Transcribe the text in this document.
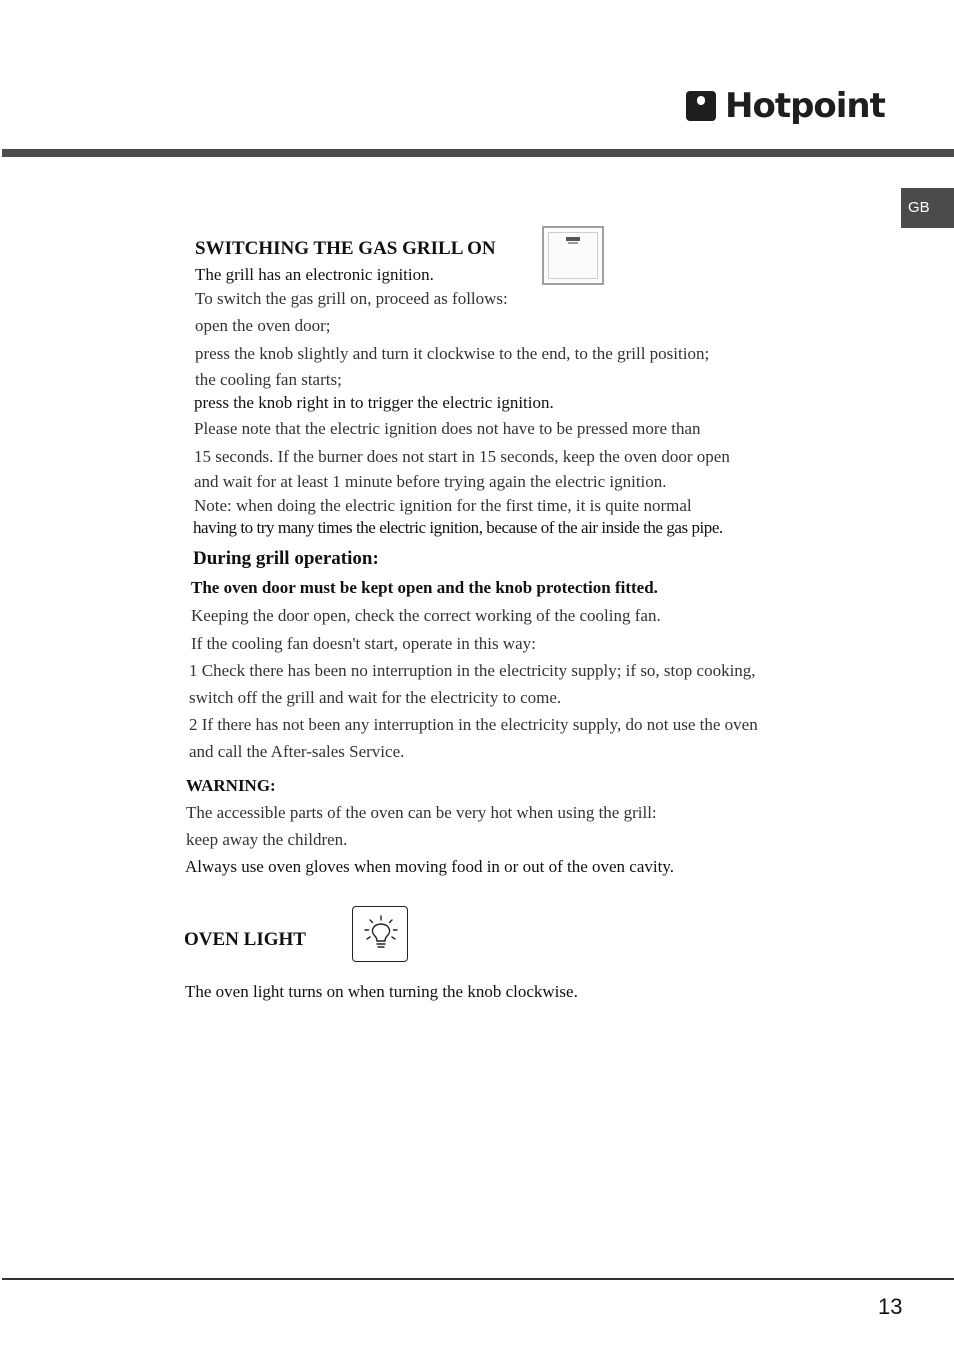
Hotpoint
GB
SWITCHING THE GAS GRILL ON
The grill has an electronic ignition.
To switch the gas grill on, proceed as follows:
open the oven door;
press the knob slightly and turn it clockwise to the end, to the grill position;
the cooling fan starts;
press the knob right in to trigger the electric ignition.
Please note that the electric ignition does not have to be pressed more than
15 seconds. If the burner does not start in 15 seconds, keep the oven door open
and wait for at least 1 minute before trying again the electric ignition.
Note: when doing the electric ignition for the first time, it is quite normal
having to try many times the electric ignition, because of the air inside the gas pipe.
During grill operation:
The oven door must be kept open and the knob protection fitted.
Keeping the door open, check the correct working of the cooling fan.
If the cooling fan doesn't start, operate in this way:
1 Check there has been no interruption in the electricity supply; if so, stop cooking,
switch off the grill and wait for the electricity to come.
2 If there has not been any interruption in the electricity supply, do not use the oven
and call the After-sales Service.
WARNING:
The accessible parts of the oven can be very hot when using the grill:
keep away the children.
Always use oven gloves when moving food in or out of the oven cavity.
OVEN LIGHT
The oven light turns on when turning the knob clockwise.
13
